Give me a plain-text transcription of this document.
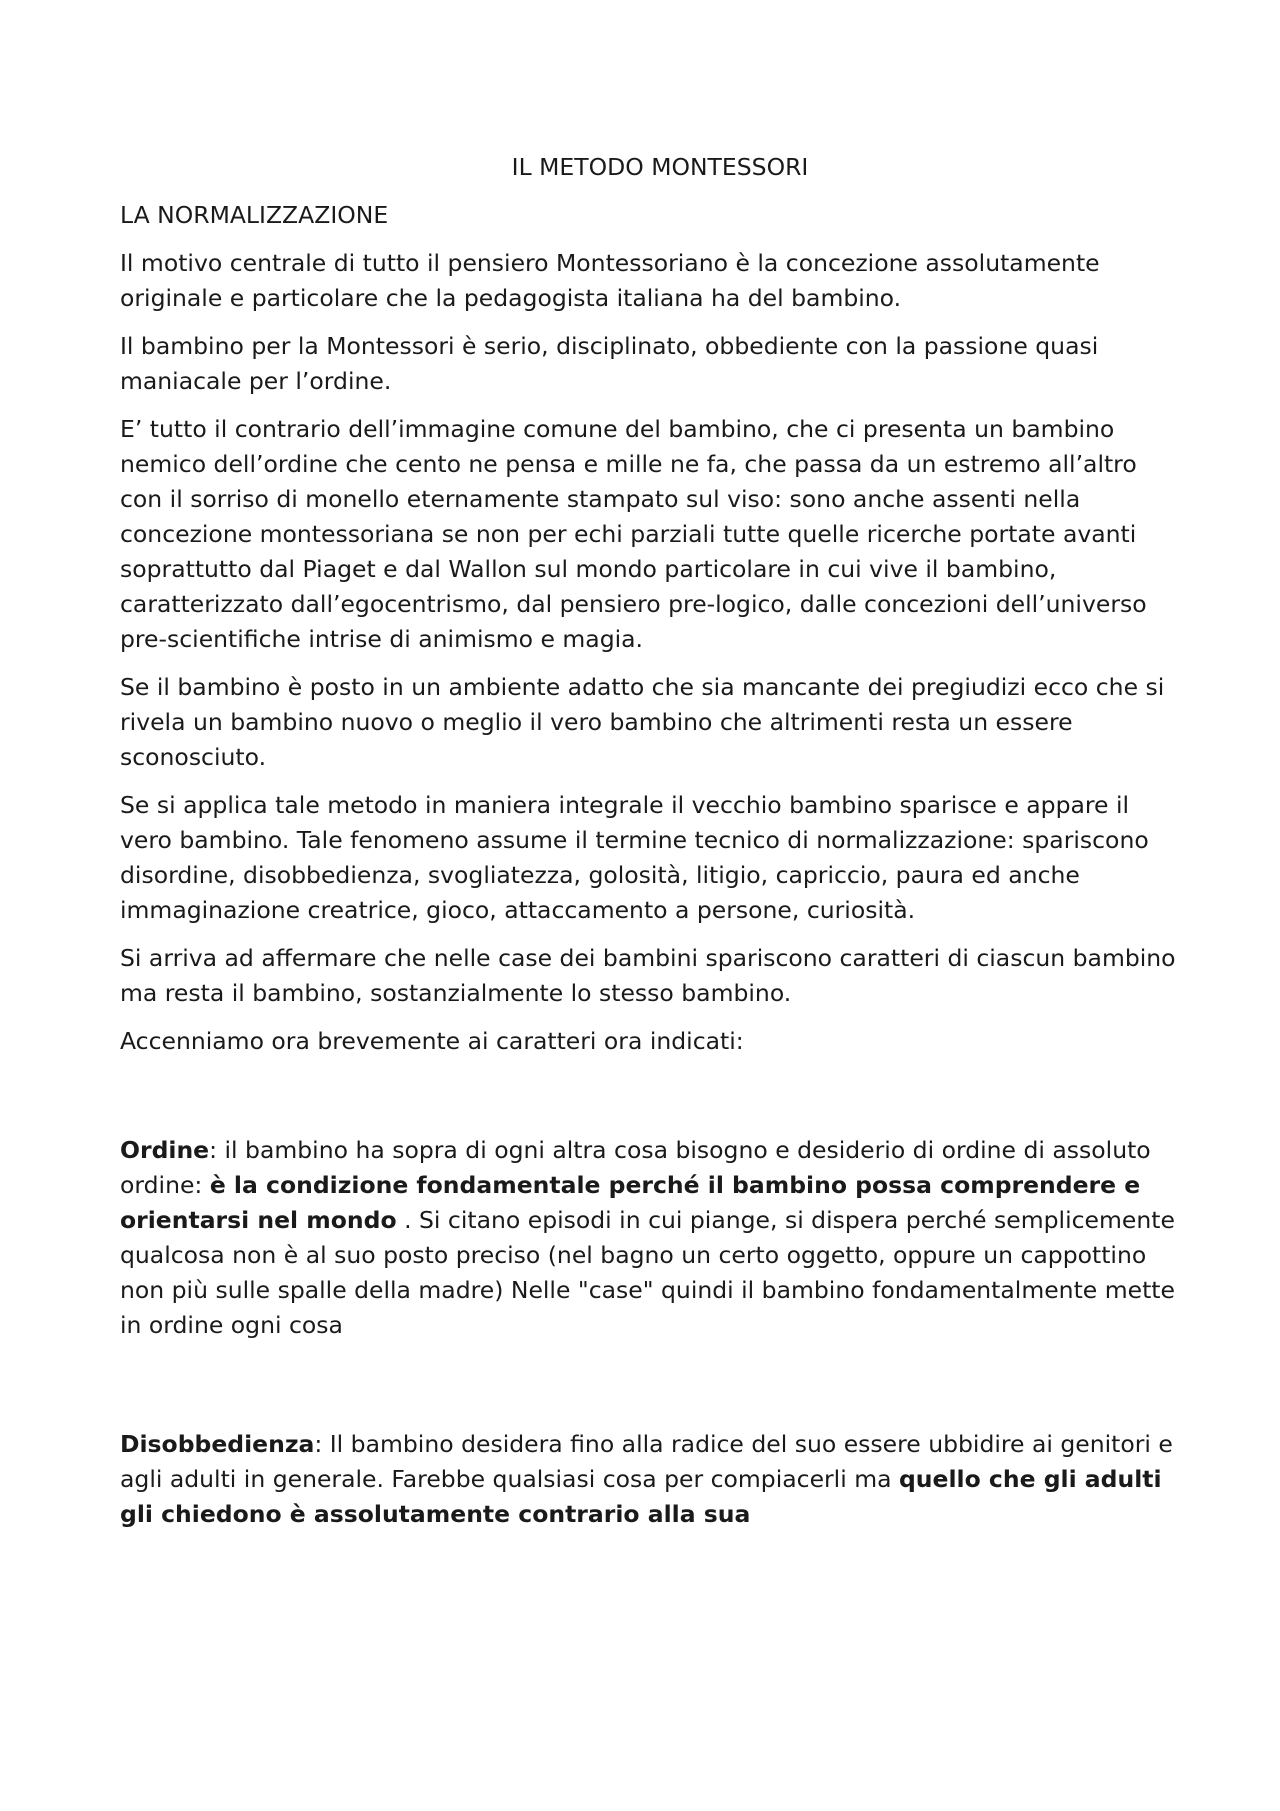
IL METODO MONTESSORI
LA NORMALIZZAZIONE

Il motivo centrale di tutto il pensiero Montessoriano è la concezione assolutamente originale e particolare che la pedagogista italiana ha del bambino.

Il bambino per la Montessori è serio, disciplinato, obbediente con la passione quasi maniacale per l’ordine.

E’ tutto il contrario dell’immagine comune del bambino, che ci presenta un bambino nemico dell’ordine che cento ne pensa e mille ne fa, che passa da un estremo all’altro con il sorriso di monello eternamente stampato sul viso: sono anche assenti nella concezione montessoriana se non per echi parziali tutte quelle ricerche portate avanti soprattutto dal Piaget e dal Wallon sul mondo particolare in cui vive il bambino, caratterizzato dall’egocentrismo, dal pensiero pre-logico, dalle concezioni dell’universo pre-scientifiche intrise di animismo e magia.

Se il bambino è posto in un ambiente adatto che sia mancante dei pregiudizi ecco che si rivela un bambino nuovo o meglio il vero bambino che altrimenti resta un essere sconosciuto.

Se si applica tale metodo in maniera integrale il vecchio bambino sparisce e appare il vero bambino. Tale fenomeno assume il termine tecnico di normalizzazione: spariscono disordine, disobbedienza, svogliatezza, golosità, litigio, capriccio, paura ed anche immaginazione creatrice, gioco, attaccamento a persone, curiosità.

Si arriva ad affermare che nelle case dei bambini spariscono caratteri di ciascun bambino ma resta il bambino, sostanzialmente lo stesso bambino.

Accenniamo ora brevemente ai caratteri ora indicati:

Ordine: il bambino ha sopra di ogni altra cosa bisogno e desiderio di ordine di assoluto ordine: è la condizione fondamentale perché il bambino possa comprendere e orientarsi nel mondo . Si citano episodi in cui piange, si dispera perché semplicemente qualcosa non è al suo posto preciso (nel bagno un certo oggetto, oppure un cappottino non più sulle spalle della madre) Nelle "case" quindi il bambino fondamentalmente mette in ordine ogni cosa

Disobbedienza: Il bambino desidera fino alla radice del suo essere ubbidire ai genitori e agli adulti in generale. Farebbe qualsiasi cosa per compiacerli ma quello che gli adulti gli chiedono è assolutamente contrario alla sua
